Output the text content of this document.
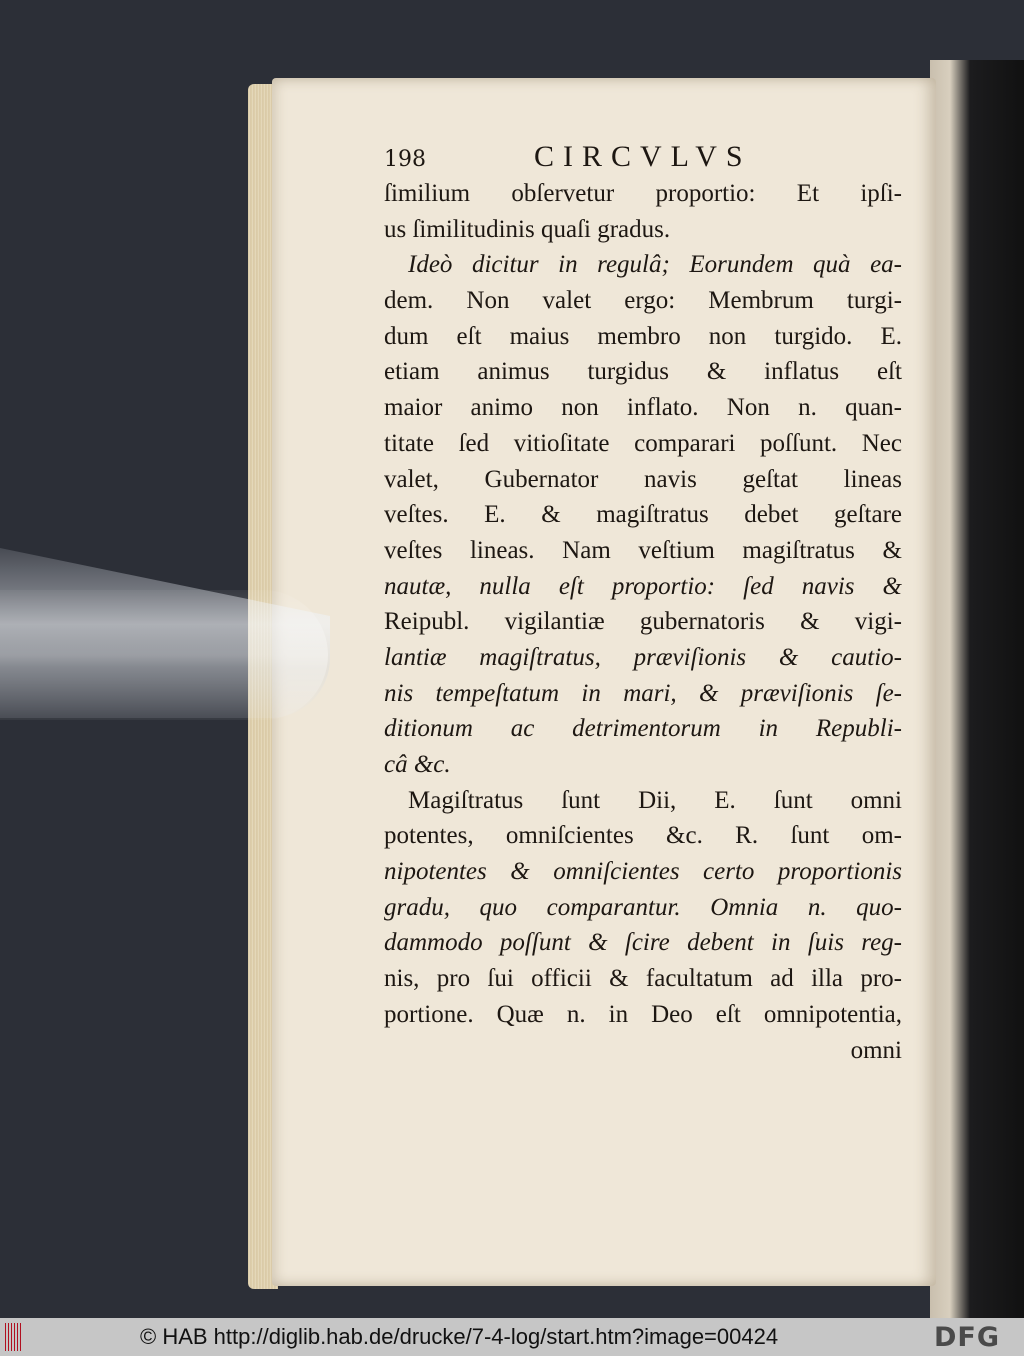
198	CIRCVLVS
ſimilium obſervetur proportio: Et ipſi-
us ſimilitudinis quaſi gradus.
Ideò dicitur in regulâ; Eorundem quà ea-
dem. Non valet ergo: Membrum turgi-
dum eſt maius membro non turgido. E.
etiam animus turgidus & inflatus eſt
maior animo non inflato. Non n. quan-
titate ſed vitioſitate comparari poſſunt. Nec
valet, Gubernator navis geſtat lineas
veſtes. E. & magiſtratus debet geſtare
veſtes lineas. Nam veſtium magiſtratus &
nautæ, nulla eſt proportio: ſed navis &
Reipubl. vigilantiæ gubernatoris & vigi-
lantiæ magiſtratus, præviſionis & cautio-
nis tempeſtatum in mari, & præviſionis ſe-
ditionum ac detrimentorum in Republi-
câ &c.
Magiſtratus ſunt Dii, E. ſunt omni
potentes, omniſcientes &c. R. ſunt om-
nipotentes & omniſcientes certo proportionis
gradu, quo comparantur. Omnia n. quo-
dammodo poſſunt & ſcire debent in ſuis reg-
nis, pro ſui officii & facultatum ad illa pro-
portione. Quæ n. in Deo eſt omnipotentia,
omni
© HAB http://diglib.hab.de/drucke/7-4-log/start.htm?image=00424	DFG
